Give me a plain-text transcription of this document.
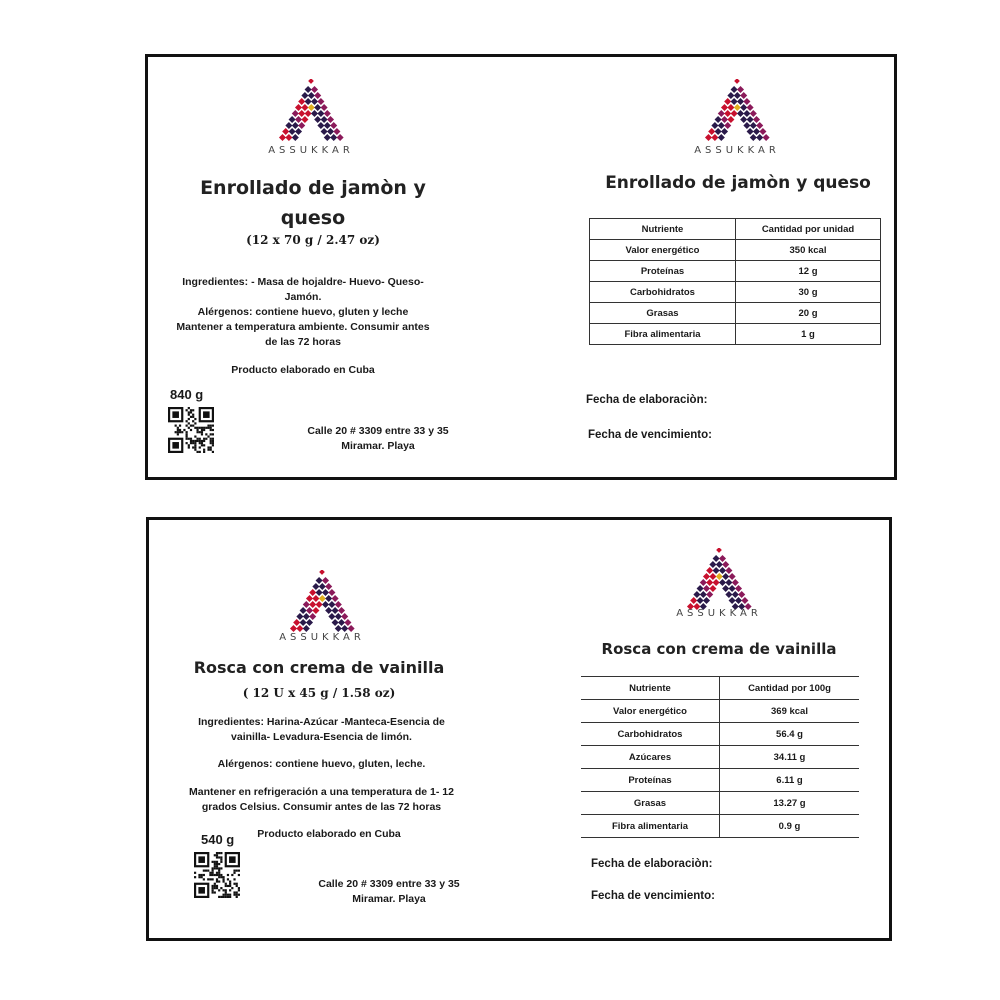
ASSUKKAR
Enrollado de jamòn y
queso
(12 x 70 g / 2.47 oz)
Ingredientes: - Masa de hojaldre- Huevo- Queso-
Jamón.
Alérgenos: contiene huevo, gluten y leche
Mantener a temperatura ambiente. Consumir antes
de las 72 horas
Producto elaborado en Cuba
840 g
Calle 20 # 3309 entre 33 y 35
Miramar. Playa
ASSUKKAR
Enrollado de jamòn y queso
Nutriente	Cantidad por unidad
Valor energético	350 kcal
Proteínas	12 g
Carbohidratos	30 g
Grasas	20 g
Fibra alimentaria	1 g
Fecha de elaboraciòn:
Fecha de vencimiento:
ASSUKKAR
Rosca con crema de vainilla
( 12 U x 45 g / 1.58 oz)
Ingredientes: Harina-Azúcar -Manteca-Esencia de
vainilla- Levadura-Esencia de limón.
Alérgenos: contiene huevo, gluten, leche.
Mantener en refrigeración a una temperatura de 1- 12
grados Celsius. Consumir antes de las 72 horas
Producto elaborado en Cuba
540 g
Calle 20 # 3309 entre 33 y 35
Miramar. Playa
ASSUKKAR
Rosca con crema de vainilla
Nutriente	Cantidad por 100g
Valor energético	369 kcal
Carbohidratos	56.4 g
Azúcares	34.11 g
Proteínas	6.11 g
Grasas	13.27 g
Fibra alimentaria	0.9 g
Fecha de elaboraciòn:
Fecha de vencimiento:
